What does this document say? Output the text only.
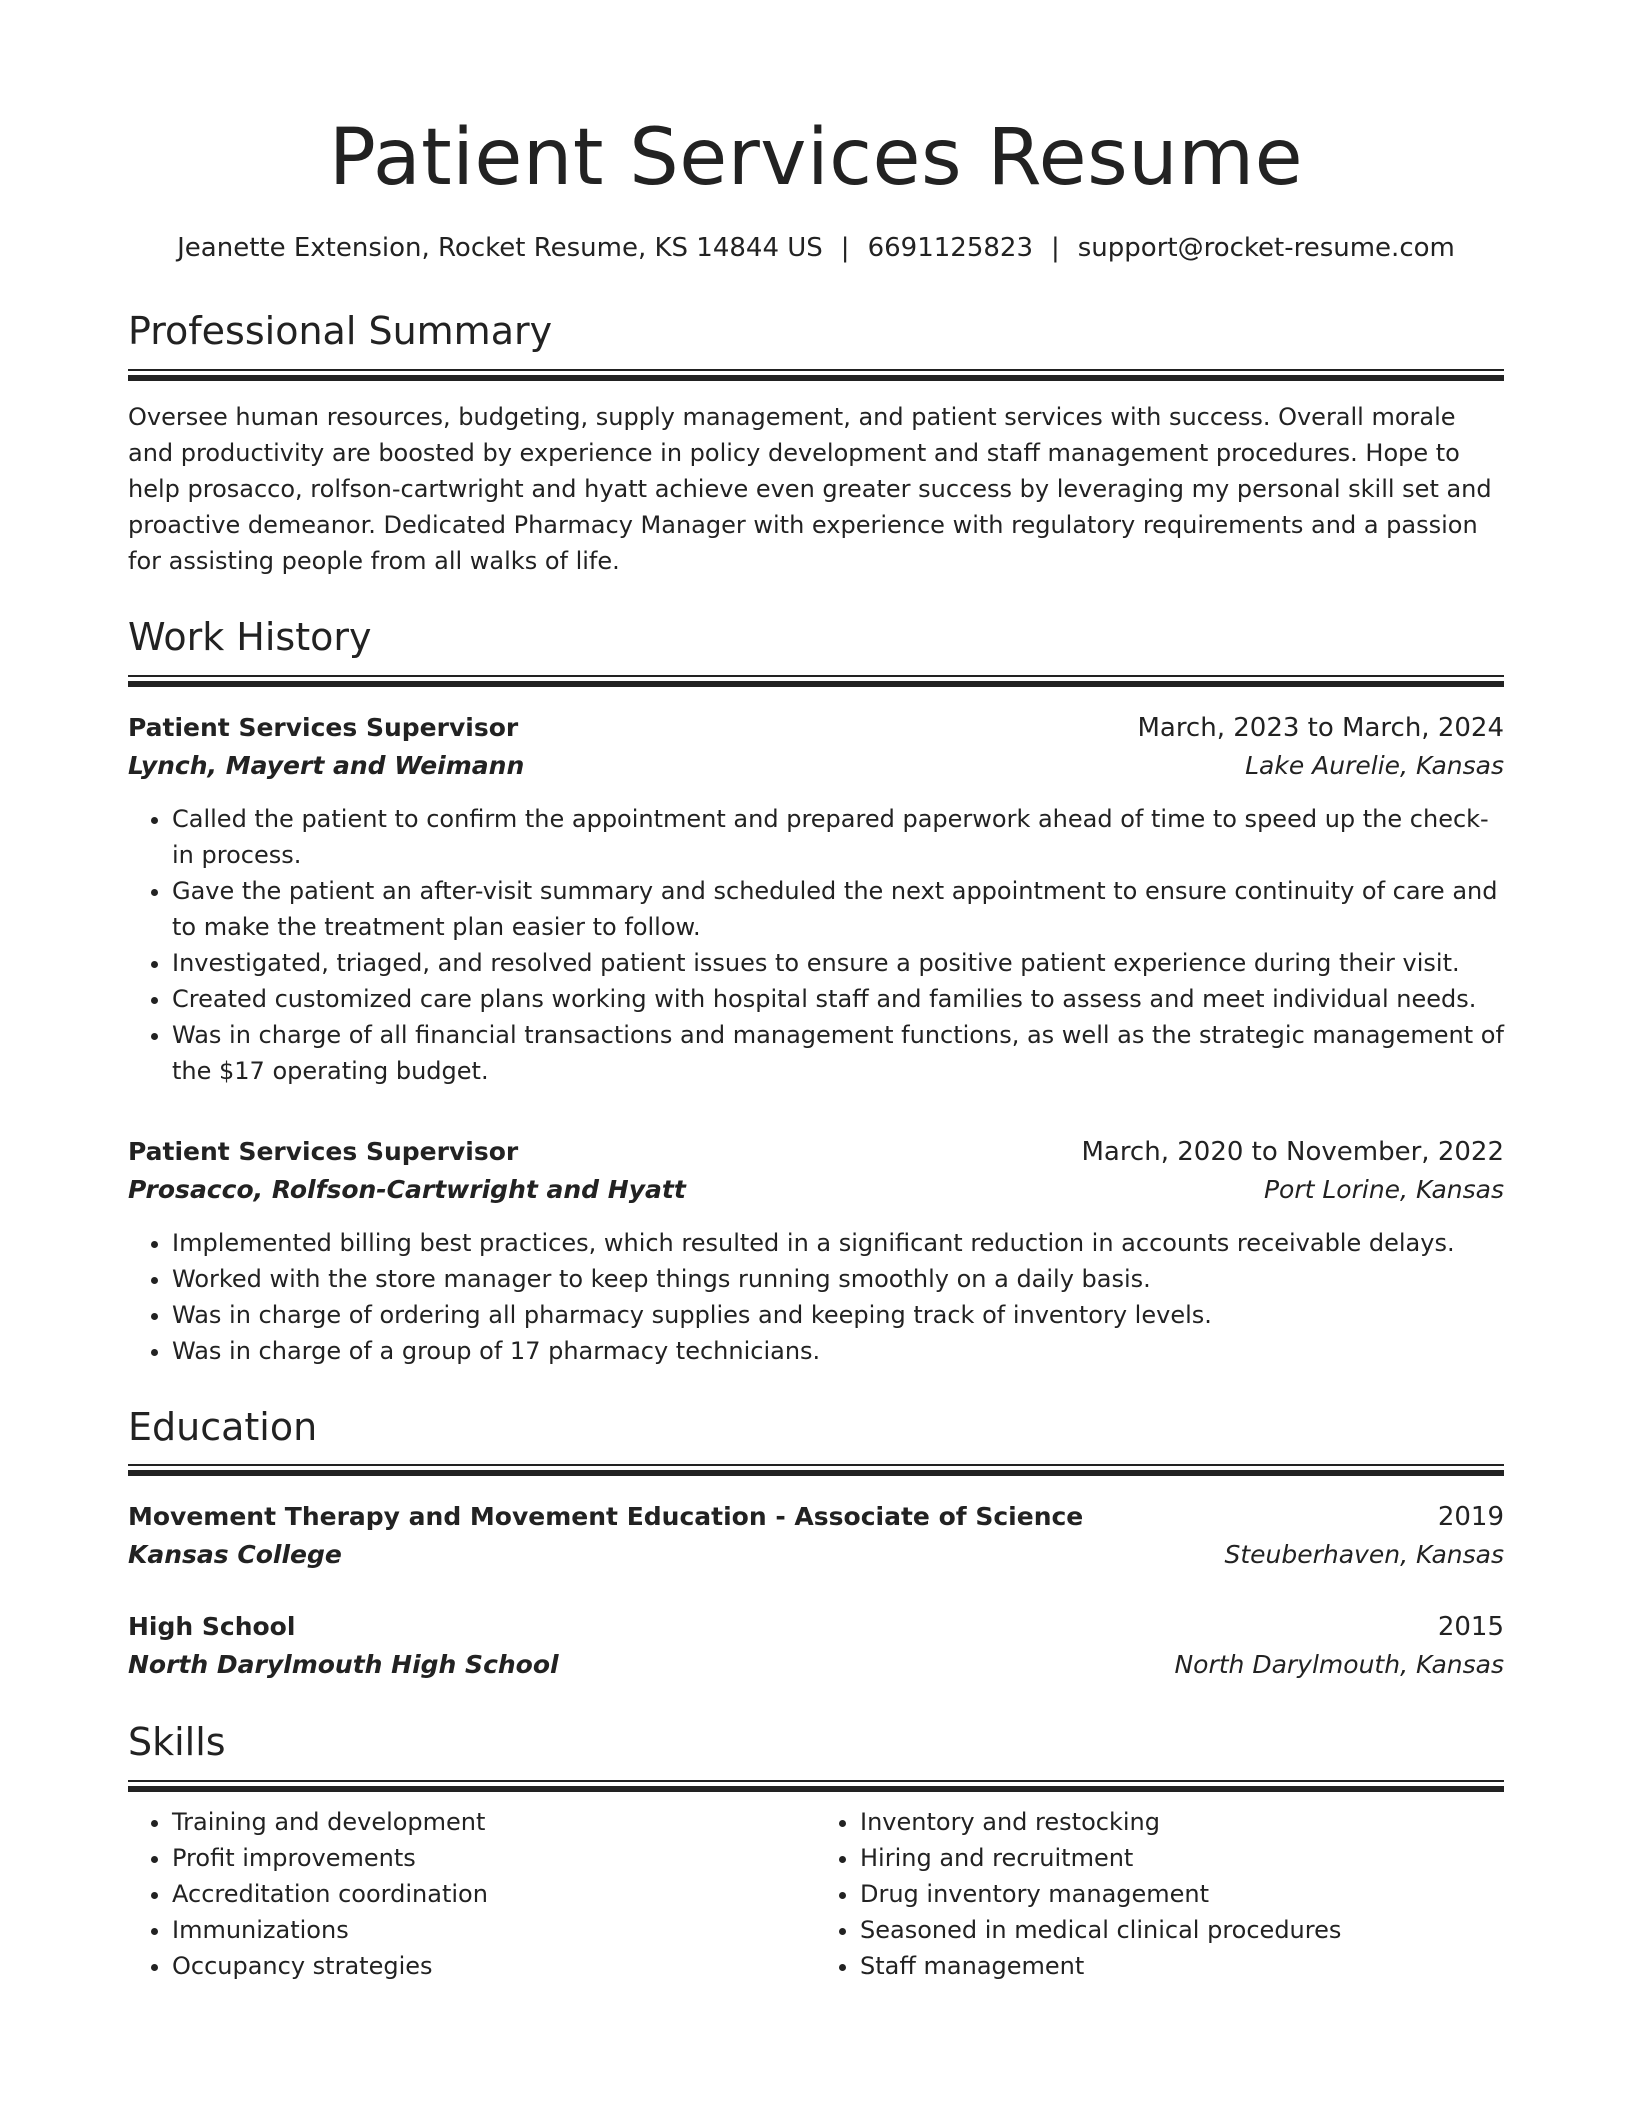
Patient Services Resume
Jeanette Extension, Rocket Resume, KS 14844 US | 6691125823 | support@rocket-resume.com
Professional Summary

Oversee human resources, budgeting, supply management, and patient services with success. Overall morale and productivity are boosted by experience in policy development and staff management procedures. Hope to help prosacco, rolfson-cartwright and hyatt achieve even greater success by leveraging my personal skill set and proactive demeanor. Dedicated Pharmacy Manager with experience with regulatory requirements and a passion for assisting people from all walks of life.

Work History
Patient Services Supervisor	March, 2023 to March, 2024
Lynch, Mayert and Weimann	Lake Aurelie, Kansas
• Called the patient to confirm the appointment and prepared paperwork ahead of time to speed up the check-in process.
• Gave the patient an after-visit summary and scheduled the next appointment to ensure continuity of care and to make the treatment plan easier to follow.
• Investigated, triaged, and resolved patient issues to ensure a positive patient experience during their visit.
• Created customized care plans working with hospital staff and families to assess and meet individual needs.
• Was in charge of all financial transactions and management functions, as well as the strategic management of the $17 operating budget.
Patient Services Supervisor	March, 2020 to November, 2022
Prosacco, Rolfson-Cartwright and Hyatt	Port Lorine, Kansas
• Implemented billing best practices, which resulted in a significant reduction in accounts receivable delays.
• Worked with the store manager to keep things running smoothly on a daily basis.
• Was in charge of ordering all pharmacy supplies and keeping track of inventory levels.
• Was in charge of a group of 17 pharmacy technicians.
Education
Movement Therapy and Movement Education - Associate of Science	2019
Kansas College	Steuberhaven, Kansas
High School	2015
North Darylmouth High School	North Darylmouth, Kansas
Skills
• Training and development
• Profit improvements
• Accreditation coordination
• Immunizations
• Occupancy strategies
• Inventory and restocking
• Hiring and recruitment
• Drug inventory management
• Seasoned in medical clinical procedures
• Staff management
